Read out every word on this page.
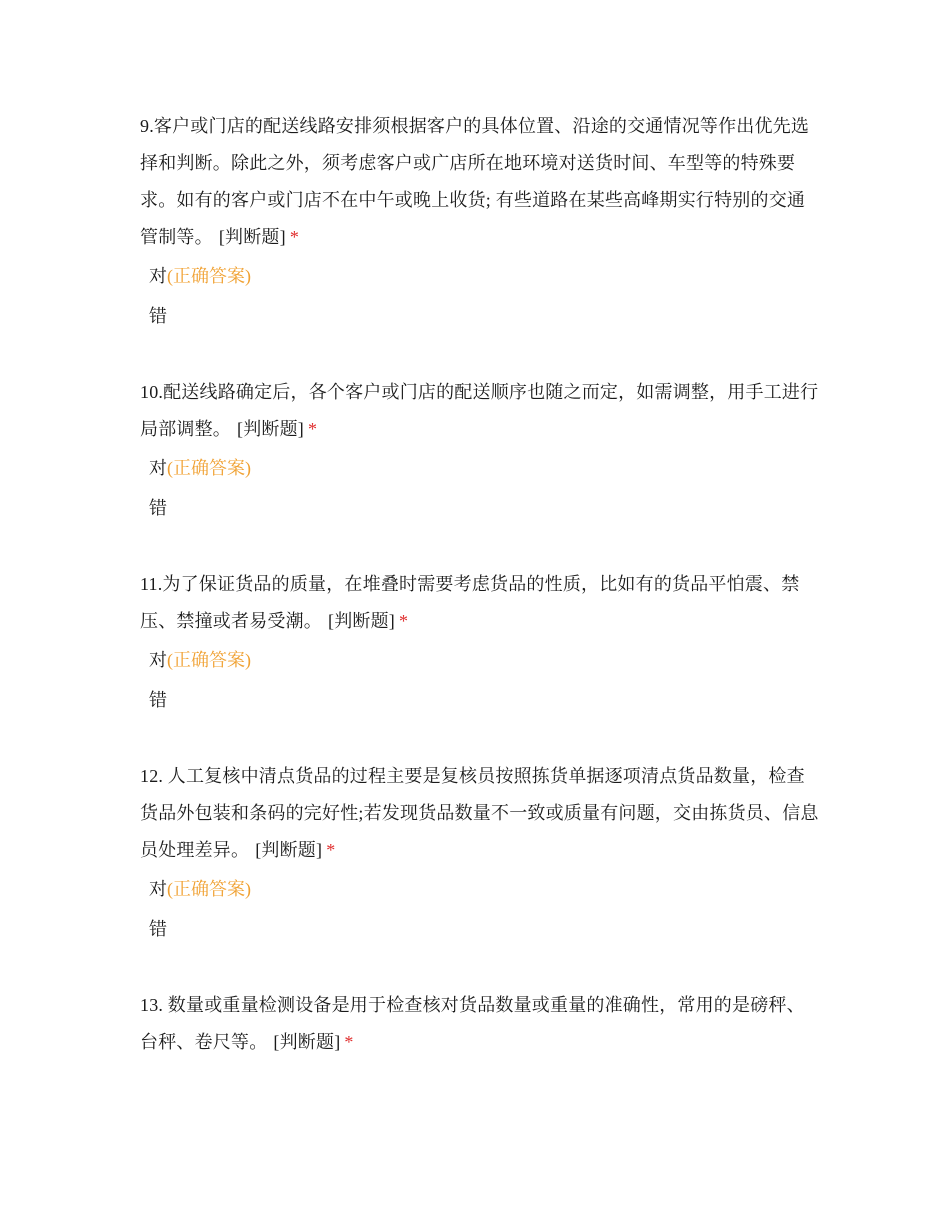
9.客户或门店的配送线路安排须根据客户的具体位置、沿途的交通情况等作出优先选择和判断。除此之外，须考虑客户或广店所在地环境对送货时间、车型等的特殊要求。如有的客户或门店不在中午或晚上收货; 有些道路在某些高峰期实行特别的交通管制等。 [判断题] *

对(正确答案)
错

10.配送线路确定后，各个客户或门店的配送顺序也随之而定，如需调整，用手工进行局部调整。 [判断题] *

对(正确答案)
错

11.为了保证货品的质量，在堆叠时需要考虑货品的性质，比如有的货品平怕震、禁压、禁撞或者易受潮。 [判断题] *

对(正确答案)
错

12. 人工复核中清点货品的过程主要是复核员按照拣货单据逐项清点货品数量，检查货品外包装和条码的完好性;若发现货品数量不一致或质量有问题，交由拣货员、信息员处理差异。 [判断题] *

对(正确答案)
错

13. 数量或重量检测设备是用于检查核对货品数量或重量的准确性，常用的是磅秤、台秤、卷尺等。 [判断题] *
